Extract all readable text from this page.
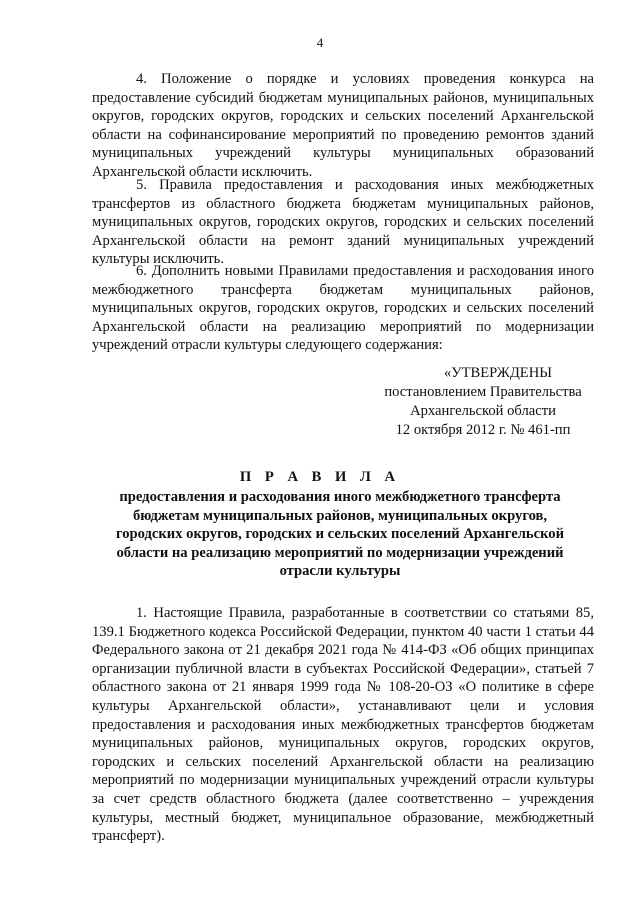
4

4. Положение о порядке и условиях проведения конкурса на предоставление субсидий бюджетам муниципальных районов, муниципальных округов, городских округов, городских и сельских поселений Архангельской области на софинансирование мероприятий по проведению ремонтов зданий муниципальных учреждений культуры муниципальных образований Архангельской области исключить.

5. Правила предоставления и расходования иных межбюджетных трансфертов из областного бюджета бюджетам муниципальных районов, муниципальных округов, городских округов, городских и сельских поселений Архангельской области на ремонт зданий муниципальных учреждений культуры исключить.

6. Дополнить новыми Правилами предоставления и расходования иного межбюджетного трансферта бюджетам муниципальных районов, муниципальных округов, городских округов, городских и сельских поселений Архангельской области на реализацию мероприятий по модернизации учреждений отрасли культуры следующего содержания:

«УТВЕРЖДЕНЫ
постановлением Правительства
Архангельской области
12 октября 2012 г. № 461-пп
П Р А В И Л А
предоставления и расходования иного межбюджетного трансферта бюджетам муниципальных районов, муниципальных округов, городских округов, городских и сельских поселений Архангельской области на реализацию мероприятий по модернизации учреждений отрасли культуры

1. Настоящие Правила, разработанные в соответствии со статьями 85, 139.1 Бюджетного кодекса Российской Федерации, пунктом 40 части 1 статьи 44 Федерального закона от 21 декабря 2021 года № 414-ФЗ «Об общих принципах организации публичной власти в субъектах Российской Федерации», статьей 7 областного закона от 21 января 1999 года № 108-20-ОЗ «О политике в сфере культуры Архангельской области», устанавливают цели и условия предоставления и расходования иных межбюджетных трансфертов бюджетам муниципальных районов, муниципальных округов, городских округов, городских и сельских поселений Архангельской области на реализацию мероприятий по модернизации муниципальных учреждений отрасли культуры за счет средств областного бюджета (далее соответственно – учреждения культуры, местный бюджет, муниципальное образование, межбюджетный трансферт).
